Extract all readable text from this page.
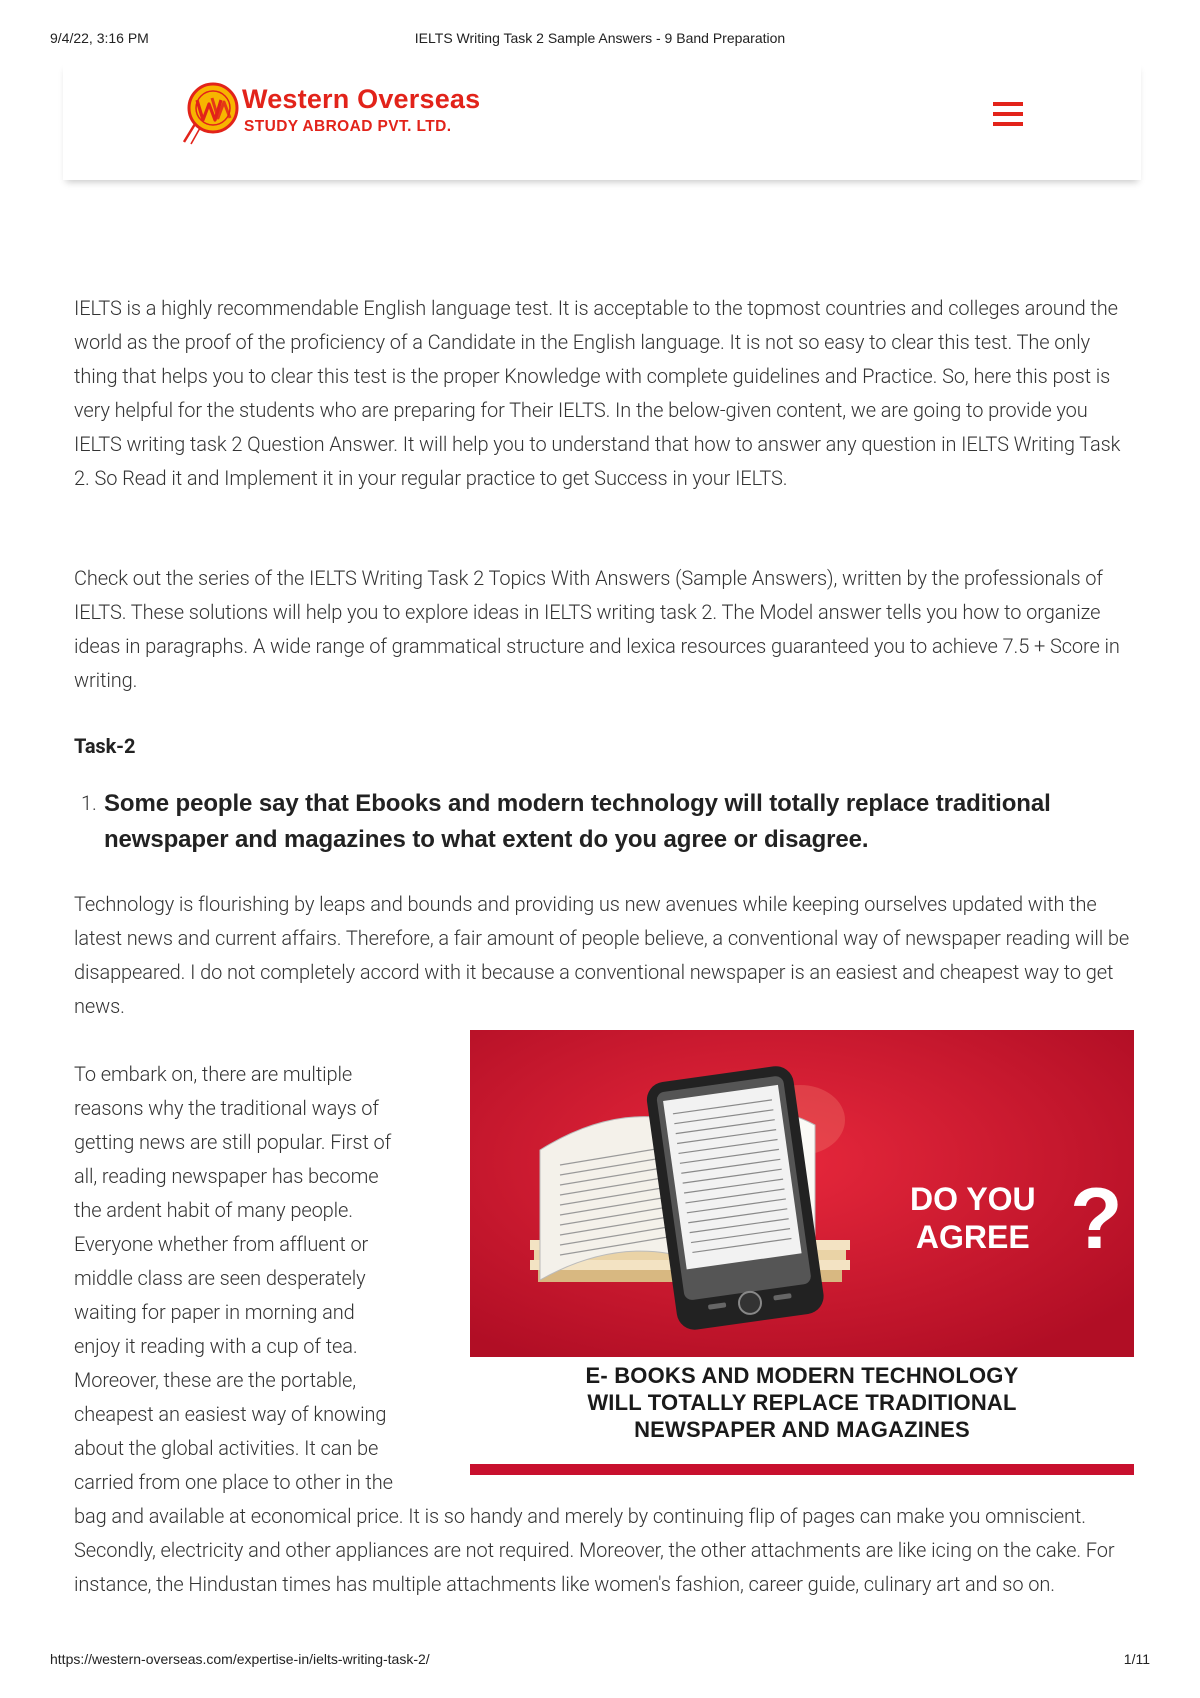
9/4/22, 3:16 PM	IELTS Writing Task 2 Sample Answers - 9 Band Preparation
Western Overseas
STUDY ABROAD PVT. LTD.

IELTS is a highly recommendable English language test. It is acceptable to the topmost countries and colleges around the world as the proof of the proficiency of a Candidate in the English language. It is not so easy to clear this test. The only thing that helps you to clear this test is the proper Knowledge with complete guidelines and Practice. So, here this post is very helpful for the students who are preparing for Their IELTS. In the below-given content, we are going to provide you IELTS writing task 2 Question Answer. It will help you to understand that how to answer any question in IELTS Writing Task 2. So Read it and Implement it in your regular practice to get Success in your IELTS.

Check out the series of the IELTS Writing Task 2 Topics With Answers (Sample Answers), written by the professionals of IELTS. These solutions will help you to explore ideas in IELTS writing task 2. The Model answer tells you how to organize ideas in paragraphs. A wide range of grammatical structure and lexica resources guaranteed you to achieve 7.5 + Score in writing.

Task-2
1. Some people say that Ebooks and modern technology will totally replace traditional newspaper and magazines to what extent do you agree or disagree.

Technology is flourishing by leaps and bounds and providing us new avenues while keeping ourselves updated with the latest news and current affairs. Therefore, a fair amount of people believe, a conventional way of newspaper reading will be disappeared. I do not completely accord with it because a conventional newspaper is an easiest and cheapest way to get news.

DO YOU
AGREE ?
E- BOOKS AND MODERN TECHNOLOGY
WILL TOTALLY REPLACE TRADITIONAL
NEWSPAPER AND MAGAZINES
To embark on, there are multiple
reasons why the traditional ways of
getting news are still popular. First of
all, reading newspaper has become
the ardent habit of many people.
Everyone whether from affluent or
middle class are seen desperately
waiting for paper in morning and
enjoy it reading with a cup of tea.
Moreover, these are the portable,
cheapest an easiest way of knowing
about the global activities. It can be
carried from one place to other in the

bag and available at economical price. It is so handy and merely by continuing flip of pages can make you omniscient. Secondly, electricity and other appliances are not required. Moreover, the other attachments are like icing on the cake. For instance, the Hindustan times has multiple attachments like women's fashion, career guide, culinary art and so on.

https://western-overseas.com/expertise-in/ielts-writing-task-2/	1/11
